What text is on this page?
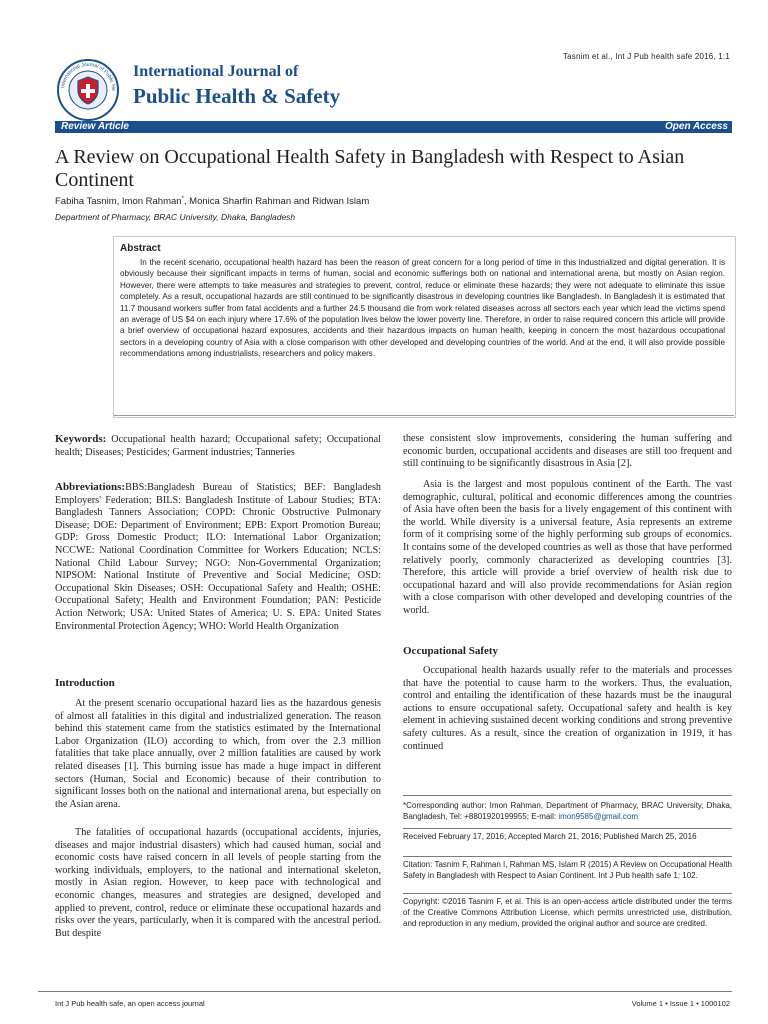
Tasnim et al., Int J Pub health safe 2016, 1:1
International Journal of Public He
International Journal of
Public Health & Safety
Review Article	Open Access
A Review on Occupational Health Safety in Bangladesh with Respect to Asian Continent
Fabiha Tasnim, Imon Rahman*, Monica Sharfin Rahman and Ridwan Islam
Department of Pharmacy, BRAC University, Dhaka, Bangladesh
Abstract
In the recent scenario, occupational health hazard has been the reason of great concern for a long period of time in this industrialized and digital generation. It is obviously because their significant impacts in terms of human, social and economic sufferings both on national and international arena, but mostly on Asian region. However, there were attempts to take measures and strategies to prevent, control, reduce or eliminate these hazards; they were not adequate to eliminate this issue completely. As a result, occupational hazards are still continued to be significantly disastrous in developing countries like Bangladesh. In Bangladesh it is estimated that 11.7 thousand workers suffer from fatal accidents and a further 24.5 thousand die from work related diseases across all sectors each year which lead the victims spend an average of US $4 on each injury where 17.6% of the population lives below the lower poverty line. Therefore, in order to raise required concern this article will provide a brief overview of occupational hazard exposures, accidents and their hazardous impacts on human health, keeping in concern the most hazardous occupational sectors in a developing country of Asia with a close comparison with other developed and developing countries of the world. And at the end, it will also provide possible recommendations among industrialists, researchers and policy makers.

Keywords: Occupational health hazard; Occupational safety; Occupational health; Diseases; Pesticides; Garment industries; Tanneries

Abbreviations:BBS:Bangladesh Bureau of Statistics; BEF: Bangladesh Employers' Federation; BILS: Bangladesh Institute of Labour Studies; BTA: Bangladesh Tanners Association; COPD: Chronic Obstructive Pulmonary Disease; DOE: Department of Environment; EPB: Export Promotion Bureau; GDP: Gross Domestic Product; ILO: International Labor Organization; NCCWE: National Coordination Committee for Workers Education; NCLS: National Child Labour Survey; NGO: Non-Governmental Organization; NIPSOM: National Institute of Preventive and Social Medicine; OSD: Occupational Skin Diseases; OSH: Occupational Safety and Health; OSHE: Occupational Safety; Health and Environment Foundation; PAN: Pesticide Action Network; USA: United States of America; U. S. EPA: United States Environmental Protection Agency; WHO: World Health Organization

Introduction

At the present scenario occupational hazard lies as the hazardous genesis of almost all fatalities in this digital and industrialized generation. The reason behind this statement came from the statistics estimated by the International Labor Organization (ILO) according to which, from over the 2.3 million fatalities that take place annually, over 2 million fatalities are caused by work related diseases [1]. This burning issue has made a huge impact in different sectors (Human, Social and Economic) because of their contribution to significant losses both on the national and international arena, but especially on the Asian arena.

The fatalities of occupational hazards (occupational accidents, injuries, diseases and major industrial disasters) which had caused human, social and economic costs have raised concern in all levels of people starting from the working individuals, employers, to the national and international skeleton, mostly in Asian region. However, to keep pace with technological and economic changes, measures and strategies are designed, developed and applied to prevent, control, reduce or eliminate these occupational hazards and risks over the years, particularly, when it is compared with the ancestral period. But despite

these consistent slow improvements, considering the human suffering and economic burden, occupational accidents and diseases are still too frequent and still continuing to be significantly disastrous in Asia [2].

Asia is the largest and most populous continent of the Earth. The vast demographic, cultural, political and economic differences among the countries of Asia have often been the basis for a lively engagement of this continent with the world. While diversity is a universal feature, Asia represents an extreme form of it comprising some of the highly performing sub groups of economics. It contains some of the developed countries as well as those that have performed relatively poorly, commonly characterized as developing countries [3]. Therefore, this article will provide a brief overview of health risk due to occupational hazard and will also provide recommendations for Asian region with a close comparison with other developed and developing countries of the world.

Occupational Safety

Occupational health hazards usually refer to the materials and processes that have the potential to cause harm to the workers. Thus, the evaluation, control and entailing the identification of these hazards must be the inaugural actions to ensure occupational safety. Occupational safety and health is key element in achieving sustained decent working conditions and strong preventive safety cultures. As a result, since the creation of organization in 1919, it has continued

*Corresponding author: Imon Rahman, Department of Pharmacy, BRAC University, Dhaka, Bangladesh, Tel: +8801920199955; E-mail: imon9585@gmail.com
Received February 17, 2016; Accepted March 21, 2016; Published March 25, 2016
Citation: Tasnim F, Rahman I, Rahman MS, Islam R (2015) A Review on Occupational Health Safety in Bangladesh with Respect to Asian Continent. Int J Pub health safe 1: 102.
Copyright: ©2016 Tasnim F, et al. This is an open-access article distributed under the terms of the Creative Commons Attribution License, which permits unrestricted use, distribution, and reproduction in any medium, provided the original author and source are credited.
Int J Pub health safe, an open access journal	Volume 1 • Issue 1 • 1000102
